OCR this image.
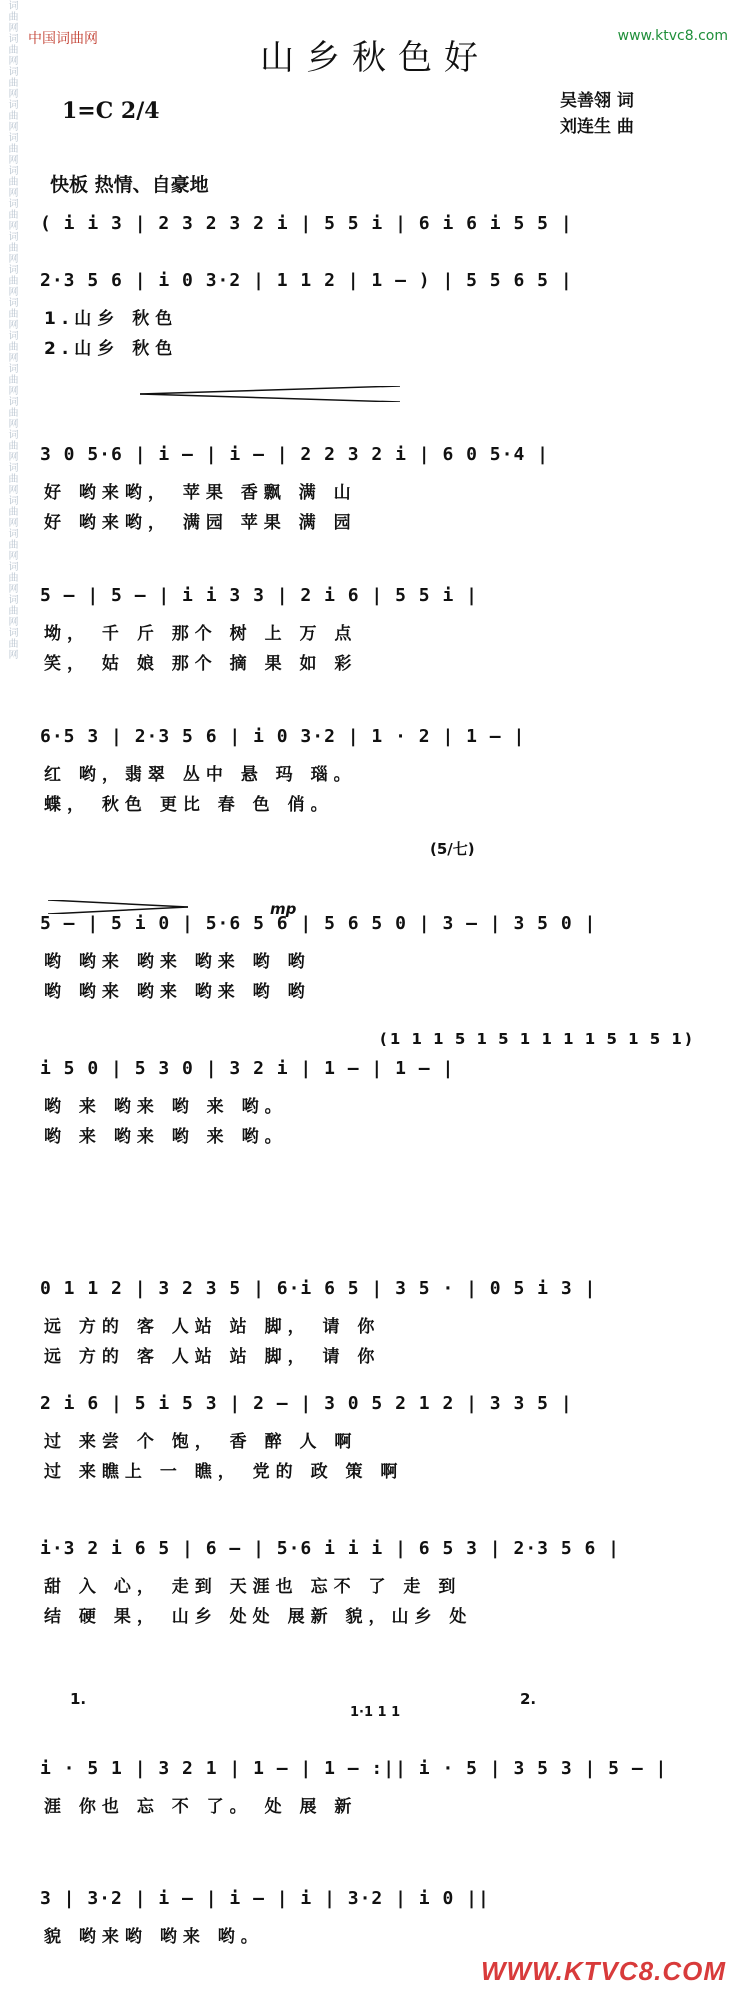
词曲网词曲网词曲网词曲网词曲网词曲网词曲网词曲网词曲网词曲网词曲网词曲网词曲网词曲网词曲网词曲网词曲网词曲网词曲网词曲网 中国词曲网	www.ktvc8.com
山乡秋色好
1=C 2/4	吴善翎 词
刘连生 曲
快板 热情、自豪地
mp
( i i 3 | 2 3 2 3 2 i | 5 5 i | 6 i 6 i 5 5 |
2·3 5 6 | i 0 3·2 | 1 1 2 | 1 — ) | 5 5 6 5 |
1.山乡 秋色
2.山乡 秋色
3 0 5·6 | i — | i — | 2 2 3 2 i | 6 0 5·4 |
好 哟来哟， 苹果 香飘 满 山
好 哟来哟， 满园 苹果 满 园
5 — | 5 — | i i 3 3 | 2 i 6 | 5 5 i |
坳， 千 斤 那个 树 上 万 点
笑， 姑 娘 那个 摘 果 如 彩
6·5 3 | 2·3 5 6 | i 0 3·2 | 1 · 2 | 1 — |
红 哟，翡翠 丛中 悬 玛 瑙。
蝶， 秋色 更比 春 色 俏。
5 — | 5 i 0 | 5·6 5 6 | 5 6 5 0 | 3 — | 3 5 0 |
哟 哟来 哟来 哟来 哟 哟
哟 哟来 哟来 哟来 哟 哟
i 5 0 | 5 3 0 | 3 2 i | 1 — | 1 — |
哟 来 哟来 哟 来 哟。
哟 来 哟来 哟 来 哟。
0 1 1 2 | 3 2 3 5 | 6·i 6 5 | 3 5 · | 0 5 i 3 |
远 方的 客 人站 站 脚， 请 你
远 方的 客 人站 站 脚， 请 你
2 i 6 | 5 i 5 3 | 2 — | 3 0 5 2 1 2 | 3 3 5 |
过 来尝 个 饱， 香 醉 人 啊
过 来瞧上 一 瞧， 党的 政 策 啊
i·3 2 i 6 5 | 6 — | 5·6 i i i | 6 5 3 | 2·3 5 6 |
甜 入 心， 走到 天涯也 忘不 了 走 到
结 硬 果， 山乡 处处 展新 貌，山乡 处
i · 5 1 | 3 2 1 | 1 — | 1 — :|| i · 5 | 3 5 3 | 5 — |
涯 你也 忘 不 了。 处 展 新
3 | 3·2 | i — | i — | i | 3·2 | i 0 ||
貌 哟来哟 哟来 哟。
1.	2.
(5/七)
(1 1 1 5 1 5 1 1 1 1 5 1 5 1)
1·1 1 1
WWW.KTVC8.COM
